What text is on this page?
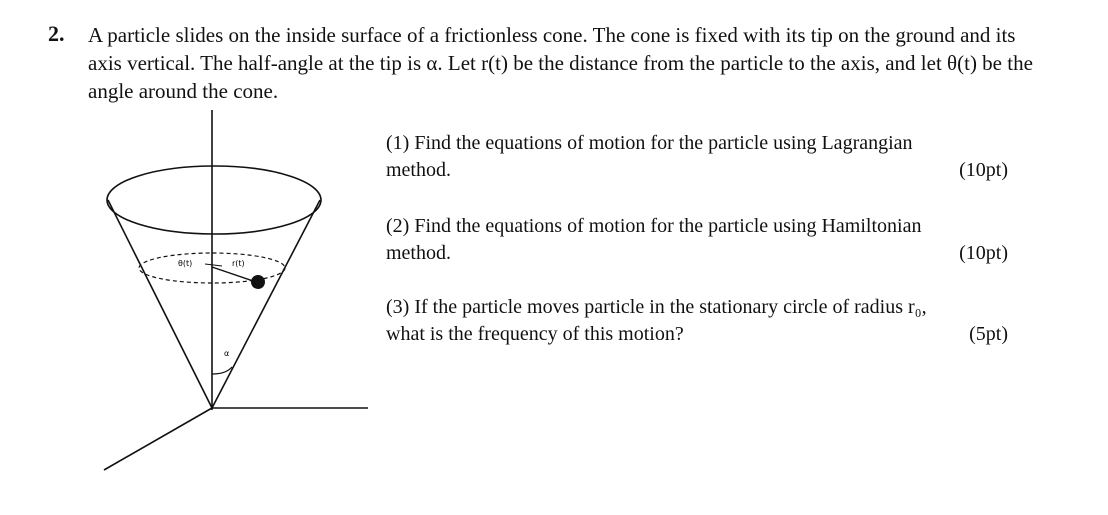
2. A particle slides on the inside surface of a frictionless cone. The cone is fixed with its tip on the ground and its axis vertical. The half-angle at the tip is α. Let r(t) be the distance from the particle to the axis, and let θ(t) be the angle around the cone.
θ(t)	r(t)
α
(1) Find the equations of motion for the particle using Lagrangian
method.	(10pt)
(2) Find the equations of motion for the particle using Hamiltonian
method.	(10pt)
(3) If the particle moves particle in the stationary circle of radius r₀,
what is the frequency of this motion?	(5pt)
